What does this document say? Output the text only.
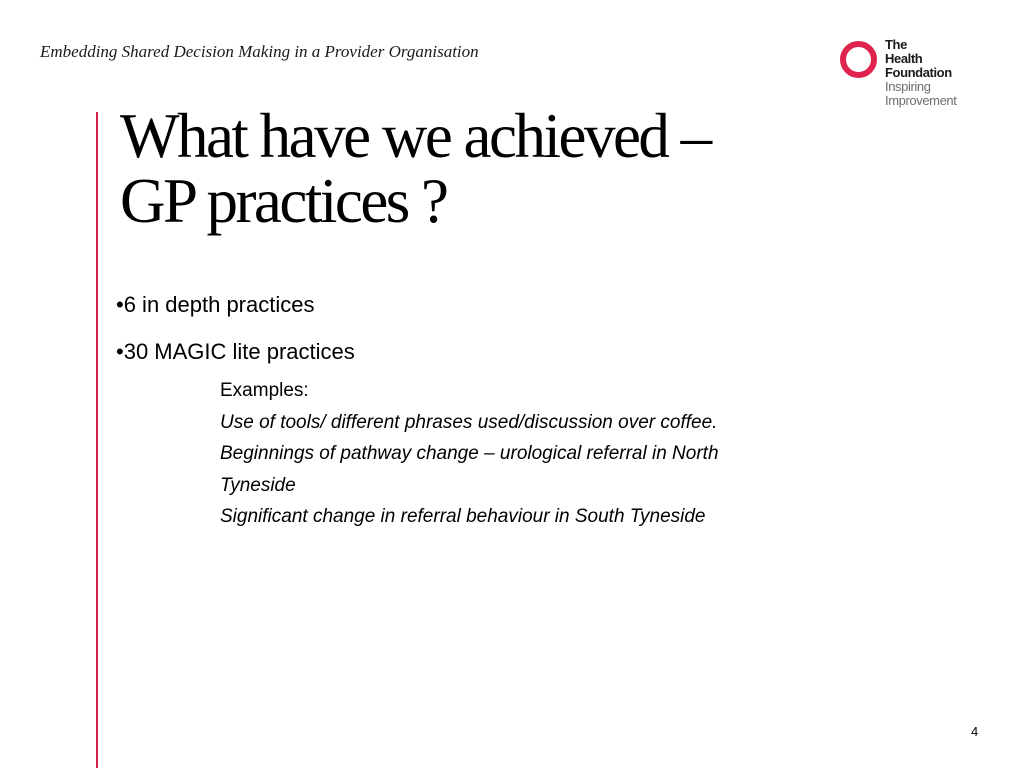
Embedding Shared Decision Making in a Provider Organisation	The
Health
Foundation
Inspiring
Improvement
What have we achieved –
GP practices ?
•6 in depth practices
•30 MAGIC lite practices
Examples:
Use of tools/ different phrases used/discussion over coffee.
Beginnings of pathway change – urological referral in North
Tyneside
Significant change in referral behaviour in South Tyneside
4
